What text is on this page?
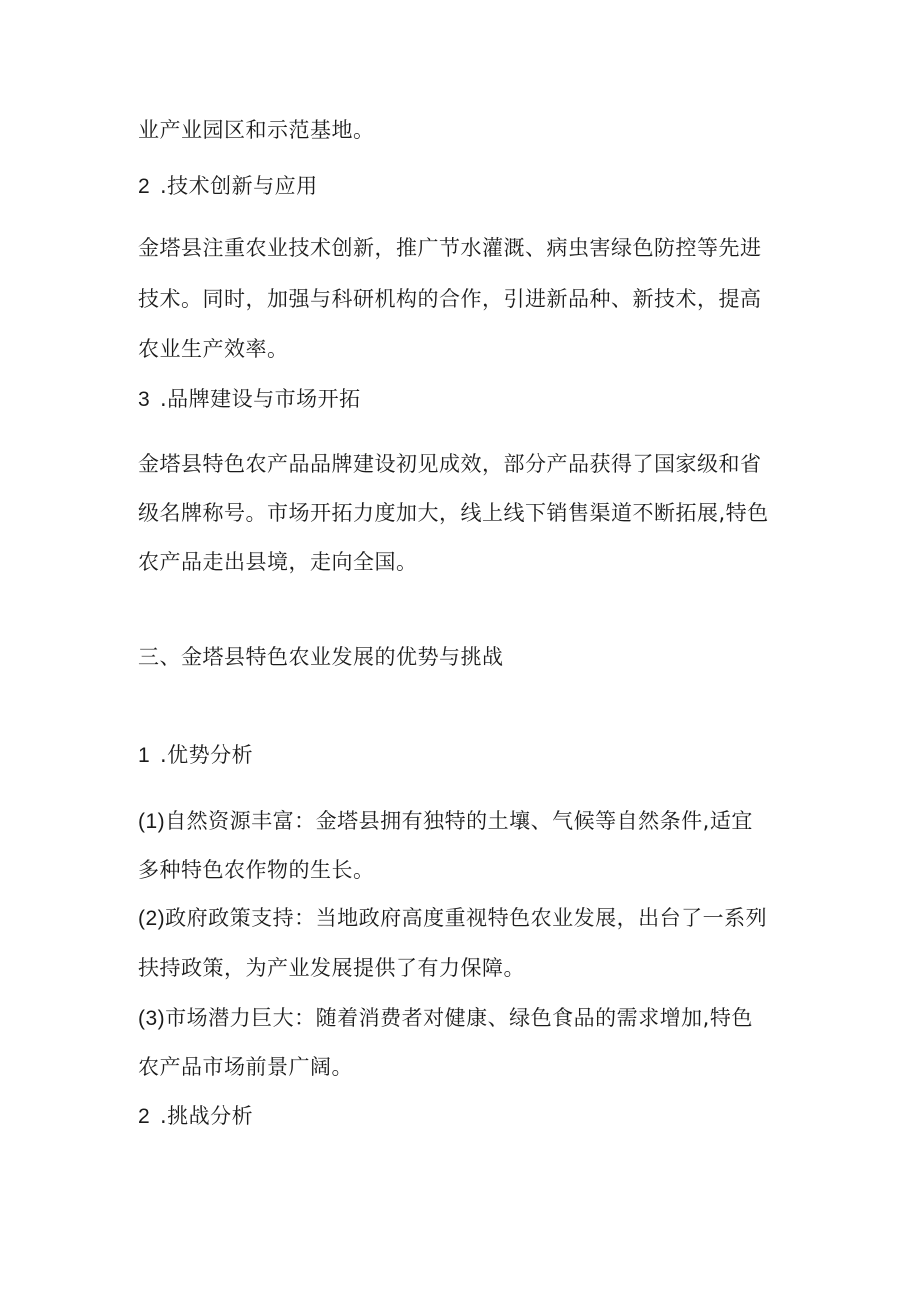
业产业园区和示范基地。
2 .技术创新与应用
金塔县注重农业技术创新，推广节水灌溉、病虫害绿色防控等先进
技术。同时，加强与科研机构的合作，引进新品种、新技术，提高
农业生产效率。
3 .品牌建设与市场开拓
金塔县特色农产品品牌建设初见成效，部分产品获得了国家级和省
级名牌称号。市场开拓力度加大，线上线下销售渠道不断拓展,特色
农产品走出县境，走向全国。
三、金塔县特色农业发展的优势与挑战
1 .优势分析
(1)自然资源丰富：金塔县拥有独特的土壤、气候等自然条件,适宜
多种特色农作物的生长。
(2)政府政策支持：当地政府高度重视特色农业发展，出台了一系列
扶持政策，为产业发展提供了有力保障。
(3)市场潜力巨大：随着消费者对健康、绿色食品的需求增加,特色
农产品市场前景广阔。
2 .挑战分析
